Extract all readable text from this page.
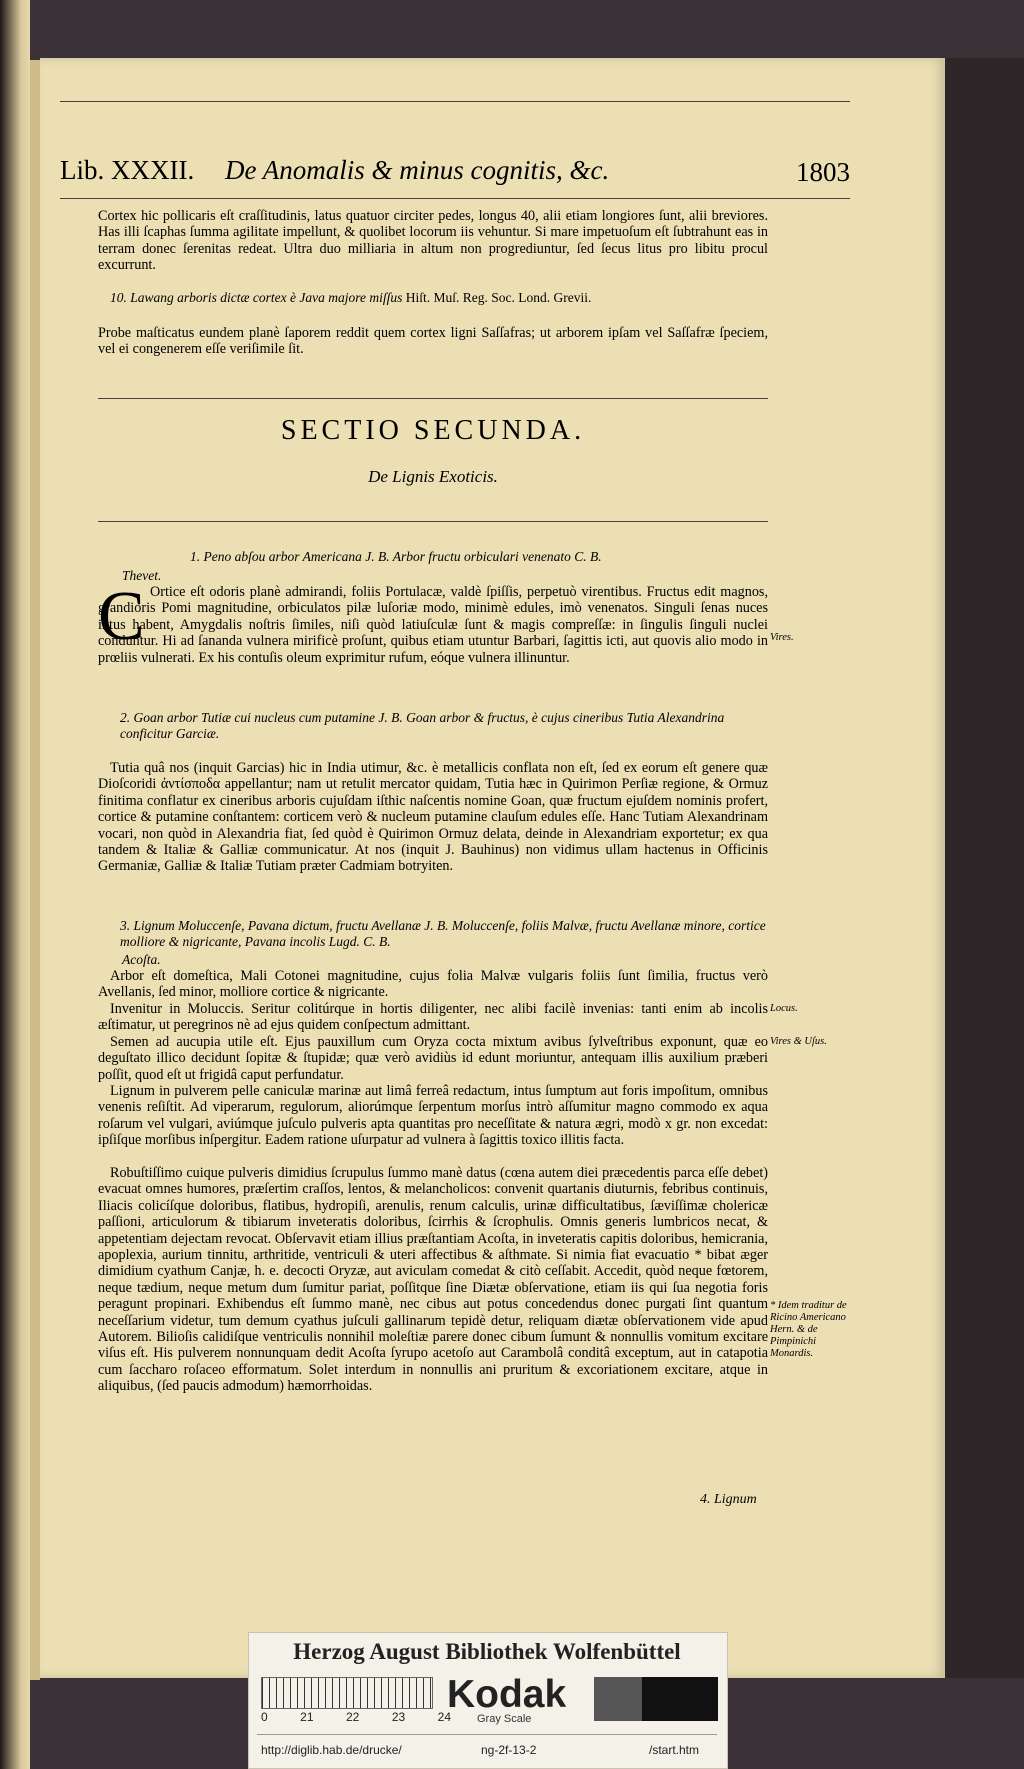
Lib. XXXII. De Anomalis & minus cognitis, &c.	1803

Cortex hic pollicaris eſt craſſitudinis, latus quatuor circiter pedes, longus 40, alii etiam longiores ſunt, alii breviores. Has illi ſcaphas ſumma agilitate impellunt, & quolibet locorum iis vehuntur. Si mare impetuoſum eſt ſubtrahunt eas in terram donec ſerenitas redeat. Ultra duo milliaria in altum non progrediuntur, ſed ſecus litus pro libitu procul excurrunt.

10. Lawang arboris dictæ cortex è Java majore miſſus Hiſt. Muſ. Reg. Soc. Lond. Grevii.

Probe maſticatus eundem planè ſaporem reddit quem cortex ligni Saſſafras; ut arborem ipſam vel Saſſafræ ſpeciem, vel ei congenerem eſſe veriſimile ſit.

SECTIO SECUNDA.
De Lignis Exoticis.
1. Peno abſou arbor Americana J. B. Arbor fructu orbiculari venenato C. B.
Thevet.
C Ortice eſt odoris planè admirandi, foliis Portulacæ, valdè ſpiſſis, perpetuò virentibus. Fructus edit magnos, grandioris Pomi magnitudine, orbiculatos pilæ luſoriæ modo, minimè edules, imò venenatos. Singuli ſenas nuces intus habent, Amygdalis noſtris ſimiles, niſi quòd latiuſculæ ſunt & magis compreſſæ: in ſingulis ſinguli nuclei conduntur. Hi ad ſananda vulnera mirificè proſunt, quibus etiam utuntur Barbari, ſagittis icti, aut quovis alio modo in prœliis vulnerati. Ex his contuſis oleum exprimitur rufum, eóque vulnera illinuntur.

Vires.
2. Goan arbor Tutiæ cui nucleus cum putamine J. B. Goan arbor & fructus, è cujus cineribus Tutia Alexandrina conficitur Garciæ.

Tutia quâ nos (inquit Garcias) hic in India utimur, &c. è metallicis conflata non eſt, ſed ex eorum eſt genere quæ Dioſcoridi ἀντίσποδα appellantur; nam ut retulit mercator quidam, Tutia hæc in Quirimon Perſiæ regione, & Ormuz finitima conflatur ex cineribus arboris cujuſdam iſthic naſcentis nomine Goan, quæ fructum ejuſdem nominis profert, cortice & putamine conſtantem: corticem verò & nucleum putamine clauſum edules eſſe. Hanc Tutiam Alexandrinam vocari, non quòd in Alexandria fiat, ſed quòd è Quirimon Ormuz delata, deinde in Alexandriam exportetur; ex qua tandem & Italiæ & Galliæ communicatur. At nos (inquit J. Bauhinus) non vidimus ullam hactenus in Officinis Germaniæ, Galliæ & Italiæ Tutiam præter Cadmiam botryiten.

3. Lignum Moluccenſe, Pavana dictum, fructu Avellanæ J. B. Moluccenſe, foliis Malvæ, fructu Avellanæ minore, cortice molliore & nigricante, Pavana incolis Lugd. C. B.
Acoſta.

Arbor eſt domeſtica, Mali Cotonei magnitudine, cujus folia Malvæ vulgaris foliis ſunt ſimilia, fructus verò Avellanis, ſed minor, molliore cortice & nigricante.

Invenitur in Moluccis. Seritur colitúrque in hortis diligenter, nec alibi facilè invenias: tanti enim ab incolis æſtimatur, ut peregrinos nè ad ejus quidem conſpectum admittant.

Locus.

Semen ad aucupia utile eſt. Ejus pauxillum cum Oryza cocta mixtum avibus ſylveſtribus exponunt, quæ eo deguſtato illico decidunt ſopitæ & ſtupidæ; quæ verò avidiùs id edunt moriuntur, antequam illis auxilium præberi poſſit, quod eſt ut frigidâ caput perfundatur.

Vires & Uſus.

Lignum in pulverem pelle caniculæ marinæ aut limâ ferreâ redactum, intus ſumptum aut foris impoſitum, omnibus venenis reſiſtit. Ad viperarum, regulorum, aliorúmque ſerpentum morſus intrò aſſumitur magno commodo ex aqua roſarum vel vulgari, aviúmque juſculo pulveris apta quantitas pro neceſſitate & natura ægri, modò x gr. non excedat: ipſiſque morſibus inſpergitur. Eadem ratione uſurpatur ad vulnera à ſagittis toxico illitis facta.

Robuſtiſſimo cuique pulveris dimidius ſcrupulus ſummo manè datus (cœna autem diei præcedentis parca eſſe debet) evacuat omnes humores, præſertim craſſos, lentos, & melancholicos: convenit quartanis diuturnis, febribus continuis, Iliacis colicíſque doloribus, flatibus, hydropiſi, arenulis, renum calculis, urinæ difficultatibus, ſæviſſimæ cholericæ paſſioni, articulorum & tibiarum inveteratis doloribus, ſcirrhis & ſcrophulis. Omnis generis lumbricos necat, & appetentiam dejectam revocat. Obſervavit etiam illius præſtantiam Acoſta, in inveteratis capitis doloribus, hemicrania, apoplexia, aurium tinnitu, arthritide, ventriculi & uteri affectibus & aſthmate. Si nimia fiat evacuatio * bibat æger dimidium cyathum Canjæ, h. e. decocti Oryzæ, aut aviculam comedat & citò ceſſabit. Accedit, quòd neque fœtorem, neque tædium, neque metum dum ſumitur pariat, poſſitque ſine Diætæ obſervatione, etiam iis qui ſua negotia foris peragunt propinari. Exhibendus eſt ſummo manè, nec cibus aut potus concedendus donec purgati ſint quantum neceſſarium videtur, tum demum cyathus juſculi gallinarum tepidè detur, reliquam diætæ obſervationem vide apud Autorem. Bilioſis calidiſque ventriculis nonnihil moleſtiæ parere donec cibum ſumunt & nonnullis vomitum excitare viſus eſt. His pulverem nonnunquam dedit Acoſta ſyrupo acetoſo aut Carambolâ conditâ exceptum, aut in catapotia cum ſaccharo roſaceo efformatum. Solet interdum in nonnullis ani pruritum & excoriationem excitare, atque in aliquibus, (ſed paucis admodum) hæmorrhoidas.

* Idem traditur de Ricino Americano Hern. & de Pimpinichi Monardis.
4. Lignum
Herzog August Bibliothek Wolfenbüttel
0	21	22	23	24
Kodak
Gray Scale
http://diglib.hab.de/drucke/	ng-2f-13-2	/start.htm
